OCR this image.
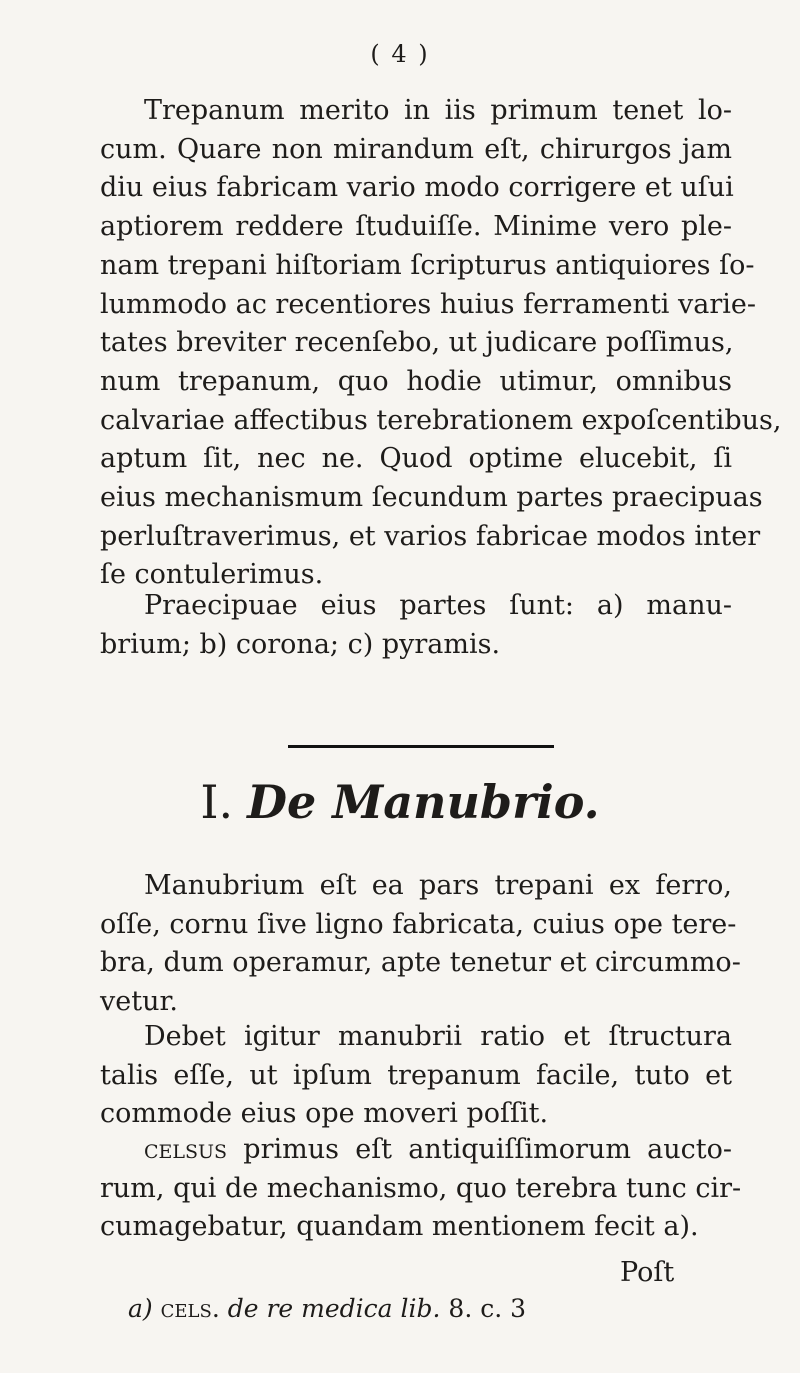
( 4 )
Trepanum merito in iis primum tenet lo-
cum. Quare non mirandum eſt, chirurgos jam
diu eius fabricam vario modo corrigere et uſui
aptiorem reddere ſtuduiſſe. Minime vero ple-
nam trepani hiſtoriam ſcripturus antiquiores ſo-
lummodo ac recentiores huius ferramenti varie-
tates breviter recenſebo, ut judicare poſſimus,
num trepanum, quo hodie utimur, omnibus
calvariae affectibus terebrationem expoſcentibus,
aptum ſit, nec ne. Quod optime elucebit, ſi
eius mechanismum ſecundum partes praecipuas
perluſtraverimus, et varios fabricae modos inter
ſe contulerimus.
Praecipuae eius partes ſunt: a) manu-
brium; b) corona; c) pyramis.
I. De Manubrio.
Manubrium eſt ea pars trepani ex ferro,
oſſe, cornu ſive ligno fabricata, cuius ope tere-
bra, dum operamur, apte tenetur et circummo-
vetur.
Debet igitur manubrii ratio et ſtructura
talis eſſe, ut ipſum trepanum facile, tuto et
commode eius ope moveri poſſit.
celsus primus eſt antiquiſſimorum aucto-
rum, qui de mechanismo, quo terebra tunc cir-
cumagebatur, quandam mentionem fecit a).
Poſt
a) cels. de re medica lib. 8. c. 3
